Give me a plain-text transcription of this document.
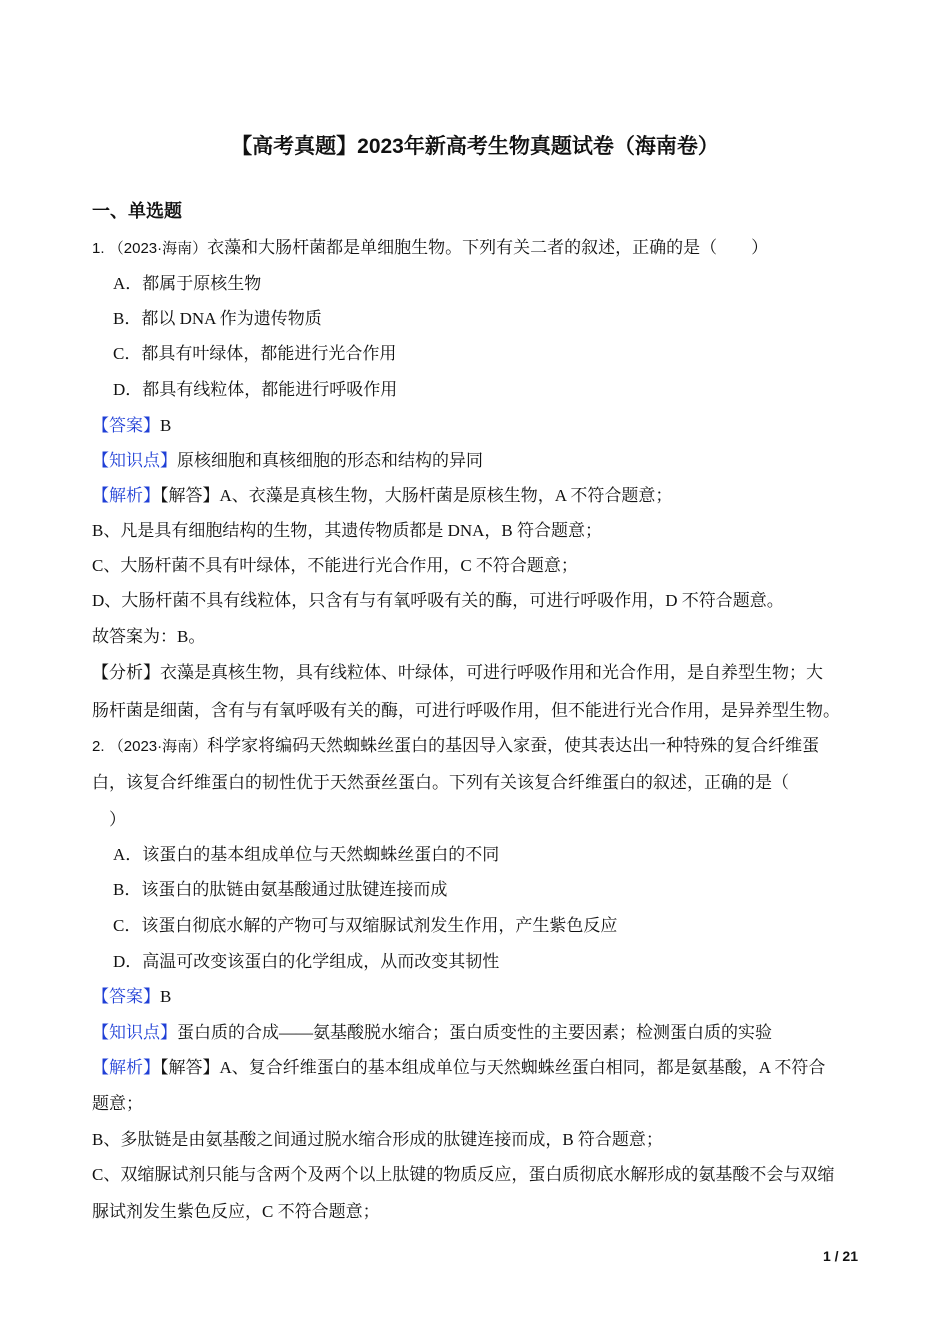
【高考真题】2023年新高考生物真题试卷（海南卷）
一、单选题
1. （2023·海南）衣藻和大肠杆菌都是单细胞生物。下列有关二者的叙述，正确的是（　　）
A．都属于原核生物
B．都以 DNA 作为遗传物质
C．都具有叶绿体，都能进行光合作用
D．都具有线粒体，都能进行呼吸作用
【答案】B
【知识点】原核细胞和真核细胞的形态和结构的异同
【解析】【解答】A、衣藻是真核生物，大肠杆菌是原核生物，A 不符合题意；
B、凡是具有细胞结构的生物，其遗传物质都是 DNA，B 符合题意；
C、大肠杆菌不具有叶绿体，不能进行光合作用，C 不符合题意；
D、大肠杆菌不具有线粒体，只含有与有氧呼吸有关的酶，可进行呼吸作用，D 不符合题意。
故答案为：B。
【分析】衣藻是真核生物，具有线粒体、叶绿体，可进行呼吸作用和光合作用，是自养型生物；大
肠杆菌是细菌，含有与有氧呼吸有关的酶，可进行呼吸作用，但不能进行光合作用，是异养型生物。
2. （2023·海南）科学家将编码天然蜘蛛丝蛋白的基因导入家蚕，使其表达出一种特殊的复合纤维蛋
白，该复合纤维蛋白的韧性优于天然蚕丝蛋白。下列有关该复合纤维蛋白的叙述，正确的是（
　）
A．该蛋白的基本组成单位与天然蜘蛛丝蛋白的不同
B．该蛋白的肽链由氨基酸通过肽键连接而成
C．该蛋白彻底水解的产物可与双缩脲试剂发生作用，产生紫色反应
D．高温可改变该蛋白的化学组成，从而改变其韧性
【答案】B
【知识点】蛋白质的合成——氨基酸脱水缩合；蛋白质变性的主要因素；检测蛋白质的实验
【解析】【解答】A、复合纤维蛋白的基本组成单位与天然蜘蛛丝蛋白相同，都是氨基酸，A 不符合
题意；
B、多肽链是由氨基酸之间通过脱水缩合形成的肽键连接而成，B 符合题意；
C、双缩脲试剂只能与含两个及两个以上肽键的物质反应，蛋白质彻底水解形成的氨基酸不会与双缩
脲试剂发生紫色反应，C 不符合题意；
1 / 21
